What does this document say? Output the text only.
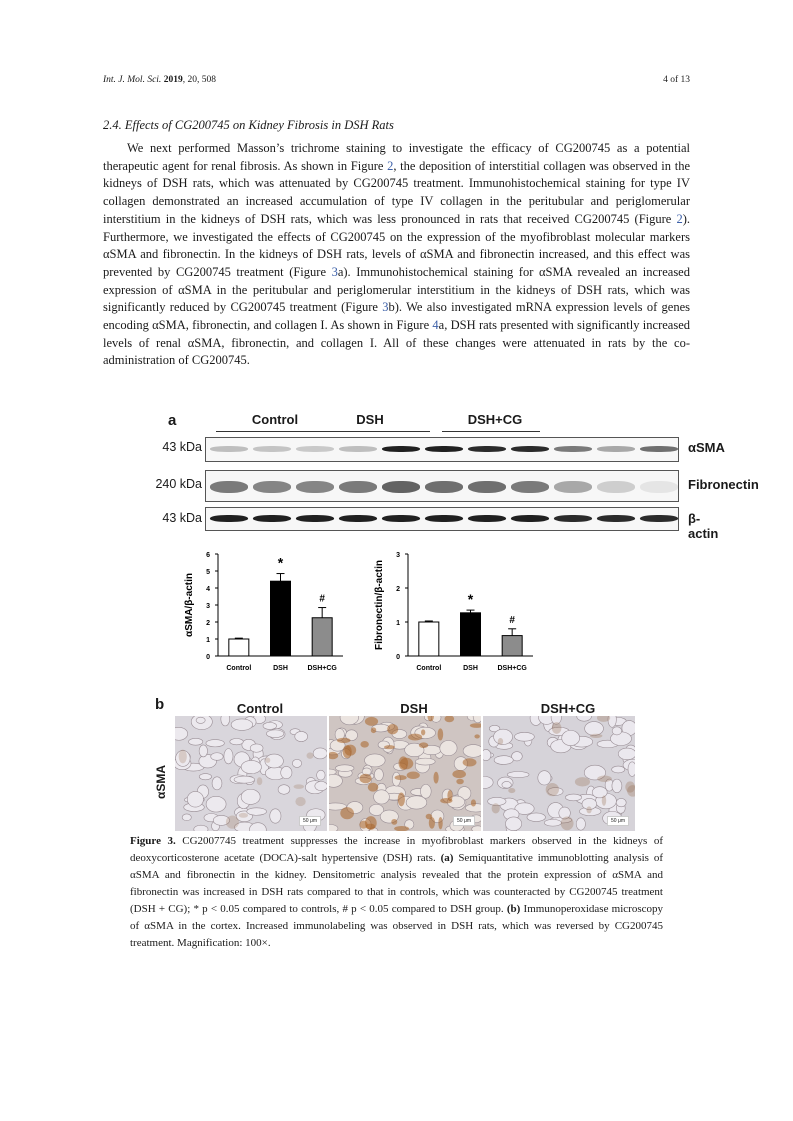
Int. J. Mol. Sci. 2019, 20, 508	4 of 13
2.4. Effects of CG200745 on Kidney Fibrosis in DSH Rats
We next performed Masson’s trichrome staining to investigate the efficacy of CG200745 as a potential therapeutic agent for renal fibrosis. As shown in Figure 2, the deposition of interstitial collagen was observed in the kidneys of DSH rats, which was attenuated by CG200745 treatment. Immunohistochemical staining for type IV collagen demonstrated an increased accumulation of type IV collagen in the peritubular and periglomerular interstitium in the kidneys of DSH rats, which was less pronounced in rats that received CG200745 (Figure 2). Furthermore, we investigated the effects of CG200745 on the expression of the myofibroblast molecular markers αSMA and fibronectin. In the kidneys of DSH rats, levels of αSMA and fibronectin increased, and this effect was prevented by CG200745 treatment (Figure 3a). Immunohistochemical staining for αSMA revealed an increased expression of αSMA in the peritubular and periglomerular interstitium in the kidneys of DSH rats, which was significantly reduced by CG200745 treatment (Figure 3b). We also investigated mRNA expression levels of genes encoding αSMA, fibronectin, and collagen I. As shown in Figure 4a, DSH rats presented with significantly increased levels of renal αSMA, fibronectin, and collagen I. All of these changes were attenuated in rats by the co-administration of CG200745.
a	Control	DSH	DSH+CG
43 kDa	αSMA
240 kDa	Fibronectin
43 kDa	β-actin
0
1
2
3
4
5
6
αSMA/β-actin
Control
*
DSH
#
DSH+CG
0
1
2
3
Fibronectin/β-actin
Control
*
DSH
#
DSH+CG
b	Control	DSH	DSH+CG
αSMA
50 μm	50 μm	50 μm
Figure 3. CG2007745 treatment suppresses the increase in myofibroblast markers observed in the kidneys of deoxycorticosterone acetate (DOCA)-salt hypertensive (DSH) rats. (a) Semiquantitative immunoblotting analysis of αSMA and fibronectin in the kidney. Densitometric analysis revealed that the protein expression of αSMA and fibronectin was increased in DSH rats compared to that in controls, which was counteracted by CG200745 treatment (DSH + CG); * p < 0.05 compared to controls, # p < 0.05 compared to DSH group. (b) Immunoperoxidase microscopy of αSMA in the cortex. Increased immunolabeling was observed in DSH rats, which was reversed by CG200745 treatment. Magnification: 100×.
